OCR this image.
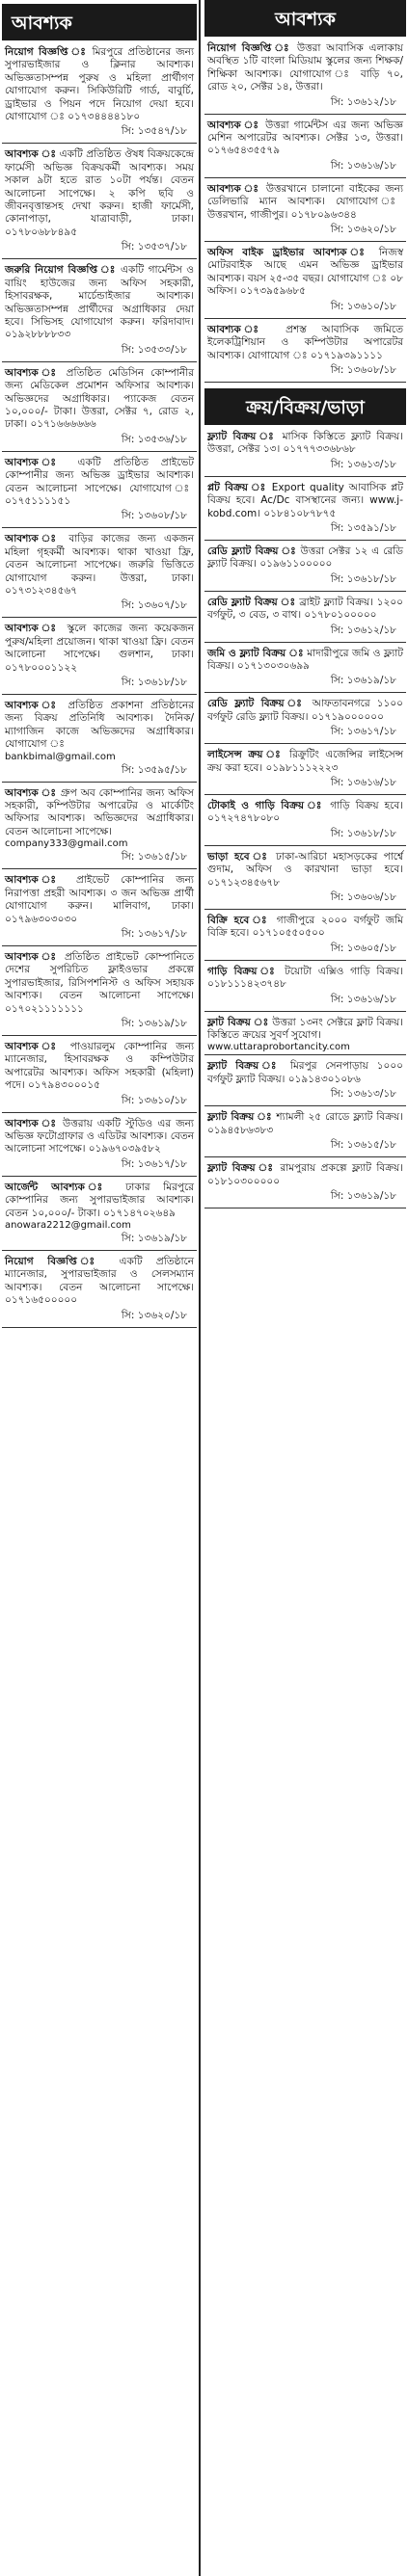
আবশ্যক
নিয়োগ বিজ্ঞপ্তি ঃ মিরপুরে প্রতিষ্ঠানের জন্য সুপারভাইজার ও ক্লিনার আবশ্যক। অভিজ্ঞতাসম্পন্ন পুরুষ ও মহিলা প্রার্থীগণ যোগাযোগ করুন। সিকিউরিটি গার্ড, বাবুর্চি, ড্রাইভার ও পিয়ন পদে নিয়োগ দেয়া হবে। যোগাযোগ ঃ ০১৭৩৪৪৪৪১৮০
সি: ১৩৫৪৭/১৮
আবশ্যক ঃ একটি প্রতিষ্ঠিত ঔষধ বিক্রয়কেন্দ্রে ফার্মেসী অভিজ্ঞ বিক্রয়কর্মী আবশ্যক। সময় সকাল ৯টা হতে রাত ১০টা পর্যন্ত। বেতন আলোচনা সাপেক্ষে। ২ কপি ছবি ও জীবনবৃত্তান্তসহ দেখা করুন। হাজী ফার্মেসী, কোনাপাড়া, যাত্রাবাড়ী, ঢাকা। ০১৭৮০৬৮৮৪৯৫
সি: ১৩৫৩৭/১৮
জরুরি নিয়োগ বিজ্ঞপ্তি ঃ একটি গার্মেন্টস ও বায়িং হাউজের জন্য অফিস সহকারী, হিসাবরক্ষক, মার্চেন্ডাইজার আবশ্যক। অভিজ্ঞতাসম্পন্ন প্রার্থীদের অগ্রাধিকার দেয়া হবে। সিভিসহ যোগাযোগ করুন। ফরিদাবাদ। ০১৯২৮৮৮৮৩৩
সি: ১৩৫৩৩/১৮
আবশ্যক ঃ প্রতিষ্ঠিত মেডিসিন কোম্পানীর জন্য মেডিকেল প্রমোশন অফিসার আবশ্যক। অভিজ্ঞদের অগ্রাধিকার। প্যাকেজ বেতন ১০,০০০/- টাকা। উত্তরা, সেক্টর ৭, রোড ২, ঢাকা। ০১৭১৬৬৬৬৬৬
সি: ১৩৫৩৬/১৮
আবশ্যক ঃ একটি প্রতিষ্ঠিত প্রাইভেট কোম্পানীর জন্য অভিজ্ঞ ড্রাইভার আবশ্যক। বেতন আলোচনা সাপেক্ষে। যোগাযোগ ঃ ০১৭৫১১১১৫১
সি: ১৩৬০৮/১৮
আবশ্যক ঃ বাড়ির কাজের জন্য একজন মহিলা গৃহকর্মী আবশ্যক। থাকা খাওয়া ফ্রি, বেতন আলোচনা সাপেক্ষে। জরুরি ভিত্তিতে যোগাযোগ করুন। উত্তরা, ঢাকা। ০১৭৩১২৩৪৫৬৭
সি: ১৩৬০৭/১৮
আবশ্যক ঃ স্কুলে কাজের জন্য কয়েকজন পুরুষ/মহিলা প্রয়োজন। থাকা খাওয়া ফ্রি। বেতন আলোচনা সাপেক্ষে। গুলশান, ঢাকা। ০১৭৮০০০১১২২
সি: ১৩৬১৮/১৮
আবশ্যক ঃ প্রতিষ্ঠিত প্রকাশনা প্রতিষ্ঠানের জন্য বিক্রয় প্রতিনিধি আবশ্যক। দৈনিক/ম্যাগাজিন কাজে অভিজ্ঞদের অগ্রাধিকার। যোগাযোগ ঃ
bankbimal@gmail.com
সি: ১৩৫৯৫/১৮
আবশ্যক ঃ গ্রুপ অব কোম্পানির জন্য অফিস সহকারী, কম্পিউটার অপারেটর ও মার্কেটিং অফিসার আবশ্যক। অভিজ্ঞদের অগ্রাধিকার। বেতন আলোচনা সাপেক্ষে।
company333@gmail.com
সি: ১৩৬১৫/১৮
আবশ্যক ঃ প্রাইভেট কোম্পানির জন্য নিরাপত্তা প্রহরী আবশ্যক। ৩ জন অভিজ্ঞ প্রার্থী যোগাযোগ করুন। মালিবাগ, ঢাকা। ০১৭৯৬৩০৩০৩০
সি: ১৩৬১৭/১৮
আবশ্যক ঃ প্রতিষ্ঠিত প্রাইভেট কোম্পানিতে দেশের সুপরিচিত ফ্লাইওভার প্রকল্পে সুপারভাইজার, রিসিপশনিস্ট ও অফিস সহায়ক আবশ্যক। বেতন আলোচনা সাপেক্ষে। ০১৭০২১১১১১১১
সি: ১৩৬১৯/১৮
আবশ্যক ঃ পাওয়ারলুম কোম্পানির জন্য ম্যানেজার, হিসাবরক্ষক ও কম্পিউটার অপারেটর আবশ্যক। অফিস সহকারী (মহিলা) পদে। ০১৭৯৪৩০০০১৫
সি: ১৩৬১০/১৮
আবশ্যক ঃ উত্তরায় একটি স্টুডিও এর জন্য অভিজ্ঞ ফটোগ্রাফার ও এডিটর আবশ্যক। বেতন আলোচনা সাপেক্ষে। ০১৯৬৭০৩৯৫৮২
সি: ১৩৬১৭/১৮
আর্জেন্ট আবশ্যক ঃ ঢাকার মিরপুরে কোম্পানির জন্য সুপারভাইজার আবশ্যক। বেতন ১০,০০০/- টাকা। ০১৭১৪৭০২৬৪৯
anowara2212@gmail.com
সি: ১৩৬১৯/১৮
নিয়োগ বিজ্ঞপ্তি ঃ একটি প্রতিষ্ঠানে ম্যানেজার, সুপারভাইজার ও সেলসম্যান আবশ্যক। বেতন আলোচনা সাপেক্ষে। ০১৭১৬৫০০০০০
সি: ১৩৬২০/১৮
আবশ্যক
নিয়োগ বিজ্ঞপ্তি ঃ উত্তরা আবাসিক এলাকায় অবস্থিত ১টি বাংলা মিডিয়াম স্কুলের জন্য শিক্ষক/শিক্ষিকা আবশ্যক। যোগাযোগ ঃ বাড়ি ৭০, রোড ২০, সেক্টর ১৪, উত্তরা।
সি: ১৩৬১২/১৮
আবশ্যক ঃ উত্তরা গার্মেন্টস এর জন্য অভিজ্ঞ মেশিন অপারেটর আবশ্যক। সেক্টর ১৩, উত্তরা। ০১৭৬৫৪৩৫৫৭৯
সি: ১৩৬১৬/১৮
আবশ্যক ঃ উত্তরখানে চালানো বাইকের জন্য ডেলিভারি ম্যান আবশ্যক। যোগাযোগ ঃ উত্তরখান, গাজীপুর। ০১৭৮০৯৬৩৪৪
সি: ১৩৬২০/১৮
অফিস বাইক ড্রাইভার আবশ্যক ঃ নিজস্ব মোটরবাইক আছে এমন অভিজ্ঞ ড্রাইভার আবশ্যক। বয়স ২৫-৩৫ বছর। যোগাযোগ ঃ ০৮ অফিস। ০১৭৩৯৫৯৬৮৫
সি: ১৩৬১০/১৮
আবশ্যক ঃ প্রশস্ত আবাসিক জমিতে ইলেকট্রিশিয়ান ও কম্পিউটার অপারেটর আবশ্যক। যোগাযোগ ঃ ০১৭১৯৩৯১১১১
সি: ১৩৬০৮/১৮
ক্রয়/বিক্রয়/ভাড়া
ফ্ল্যাট বিক্রয় ঃ মাসিক কিস্তিতে ফ্ল্যাট বিক্রয়। উত্তরা, সেক্টর ১৩। ০১৭৭৭৩৩৬৮৬৮
সি: ১৩৬১৩/১৮
প্লট বিক্রয় ঃ Export quality আবাসিক প্লট বিক্রয় হবে। Ac/Dc বাসস্থানের জন্য। www.j-kobd.com। ০১৮৪১০৮৭৮৭৫
সি: ১৩৫৯১/১৮
রেডি ফ্ল্যাট বিক্রয় ঃ উত্তরা সেক্টর ১২ এ রেডি ফ্ল্যাট বিক্রয়। ০১৯৬১১০০০০০
সি: ১৩৬১৮/১৮
রেডি ফ্ল্যাট বিক্রয় ঃ ব্রাইট ফ্ল্যাট বিক্রয়। ১২০০ বর্গফুট, ৩ বেড, ৩ বাথ। ০১৭৮০১০০০০০
সি: ১৩৬১২/১৮
জমি ও ফ্ল্যাট বিক্রয় ঃ মাদারীপুরে জমি ও ফ্ল্যাট বিক্রয়। ০১৭১৩০৩০৬৯৯
সি: ১৩৬১৯/১৮
রেডি ফ্ল্যাট বিক্রয় ঃ আফতাবনগরে ১১০০ বর্গফুট রেডি ফ্ল্যাট বিক্রয়। ০১৭১৯০০০০০০
সি: ১৩৬১৭/১৮
লাইসেন্স ক্রয় ঃ রিক্রুটিং এজেন্সির লাইসেন্স ক্রয় করা হবে। ০১৯৮১১১২২২৩
সি: ১৩৬১৬/১৮
টোকাই ও গাড়ি বিক্রয় ঃ গাড়ি বিক্রয় হবে। ০১৭২৭৪৭৮০৮০
সি: ১৩৬১৮/১৮
ভাড়া হবে ঃ ঢাকা-আরিচা মহাসড়কের পার্শ্বে গুদাম, অফিস ও কারখানা ভাড়া হবে। ০১৭১২৩৪৫৬৭৮
সি: ১৩৬০৬/১৮
বিক্রি হবে ঃ গাজীপুরে ২০০০ বর্গফুট জমি বিক্রি হবে। ০১৭১০৫৫০৫০০
সি: ১৩৬০৫/১৮
গাড়ি বিক্রয় ঃ টয়োটা এক্সিও গাড়ি বিক্রয়। ০১৮১১১৪২৩৭৪৮
সি: ১৩৬১৬/১৮
ফ্লাট বিক্রয় ঃ উত্তরা ১৩নং সেক্টরে ফ্লাট বিক্রয়। কিস্তিতে ক্রয়ের সুবর্ণ সুযোগ।
www.uttaraprobortancity.com
ফ্ল্যাট বিক্রয় ঃ মিরপুর সেনপাড়ায় ১০০০ বর্গফুট ফ্ল্যাট বিক্রয়। ০১৯১৪৩০১০৮৬
সি: ১৩৬১৩/১৮
ফ্ল্যাট বিক্রয় ঃ শ্যামলী ২৫ রোডে ফ্ল্যাট বিক্রয়। ০১৯৪৫৮৬৩৮৩
সি: ১৩৬১৫/১৮
ফ্ল্যাট বিক্রয় ঃ রামপুরায় প্রকল্পে ফ্ল্যাট বিক্রয়। ০১৮১০৩০০০০০
সি: ১৩৬১৯/১৮
